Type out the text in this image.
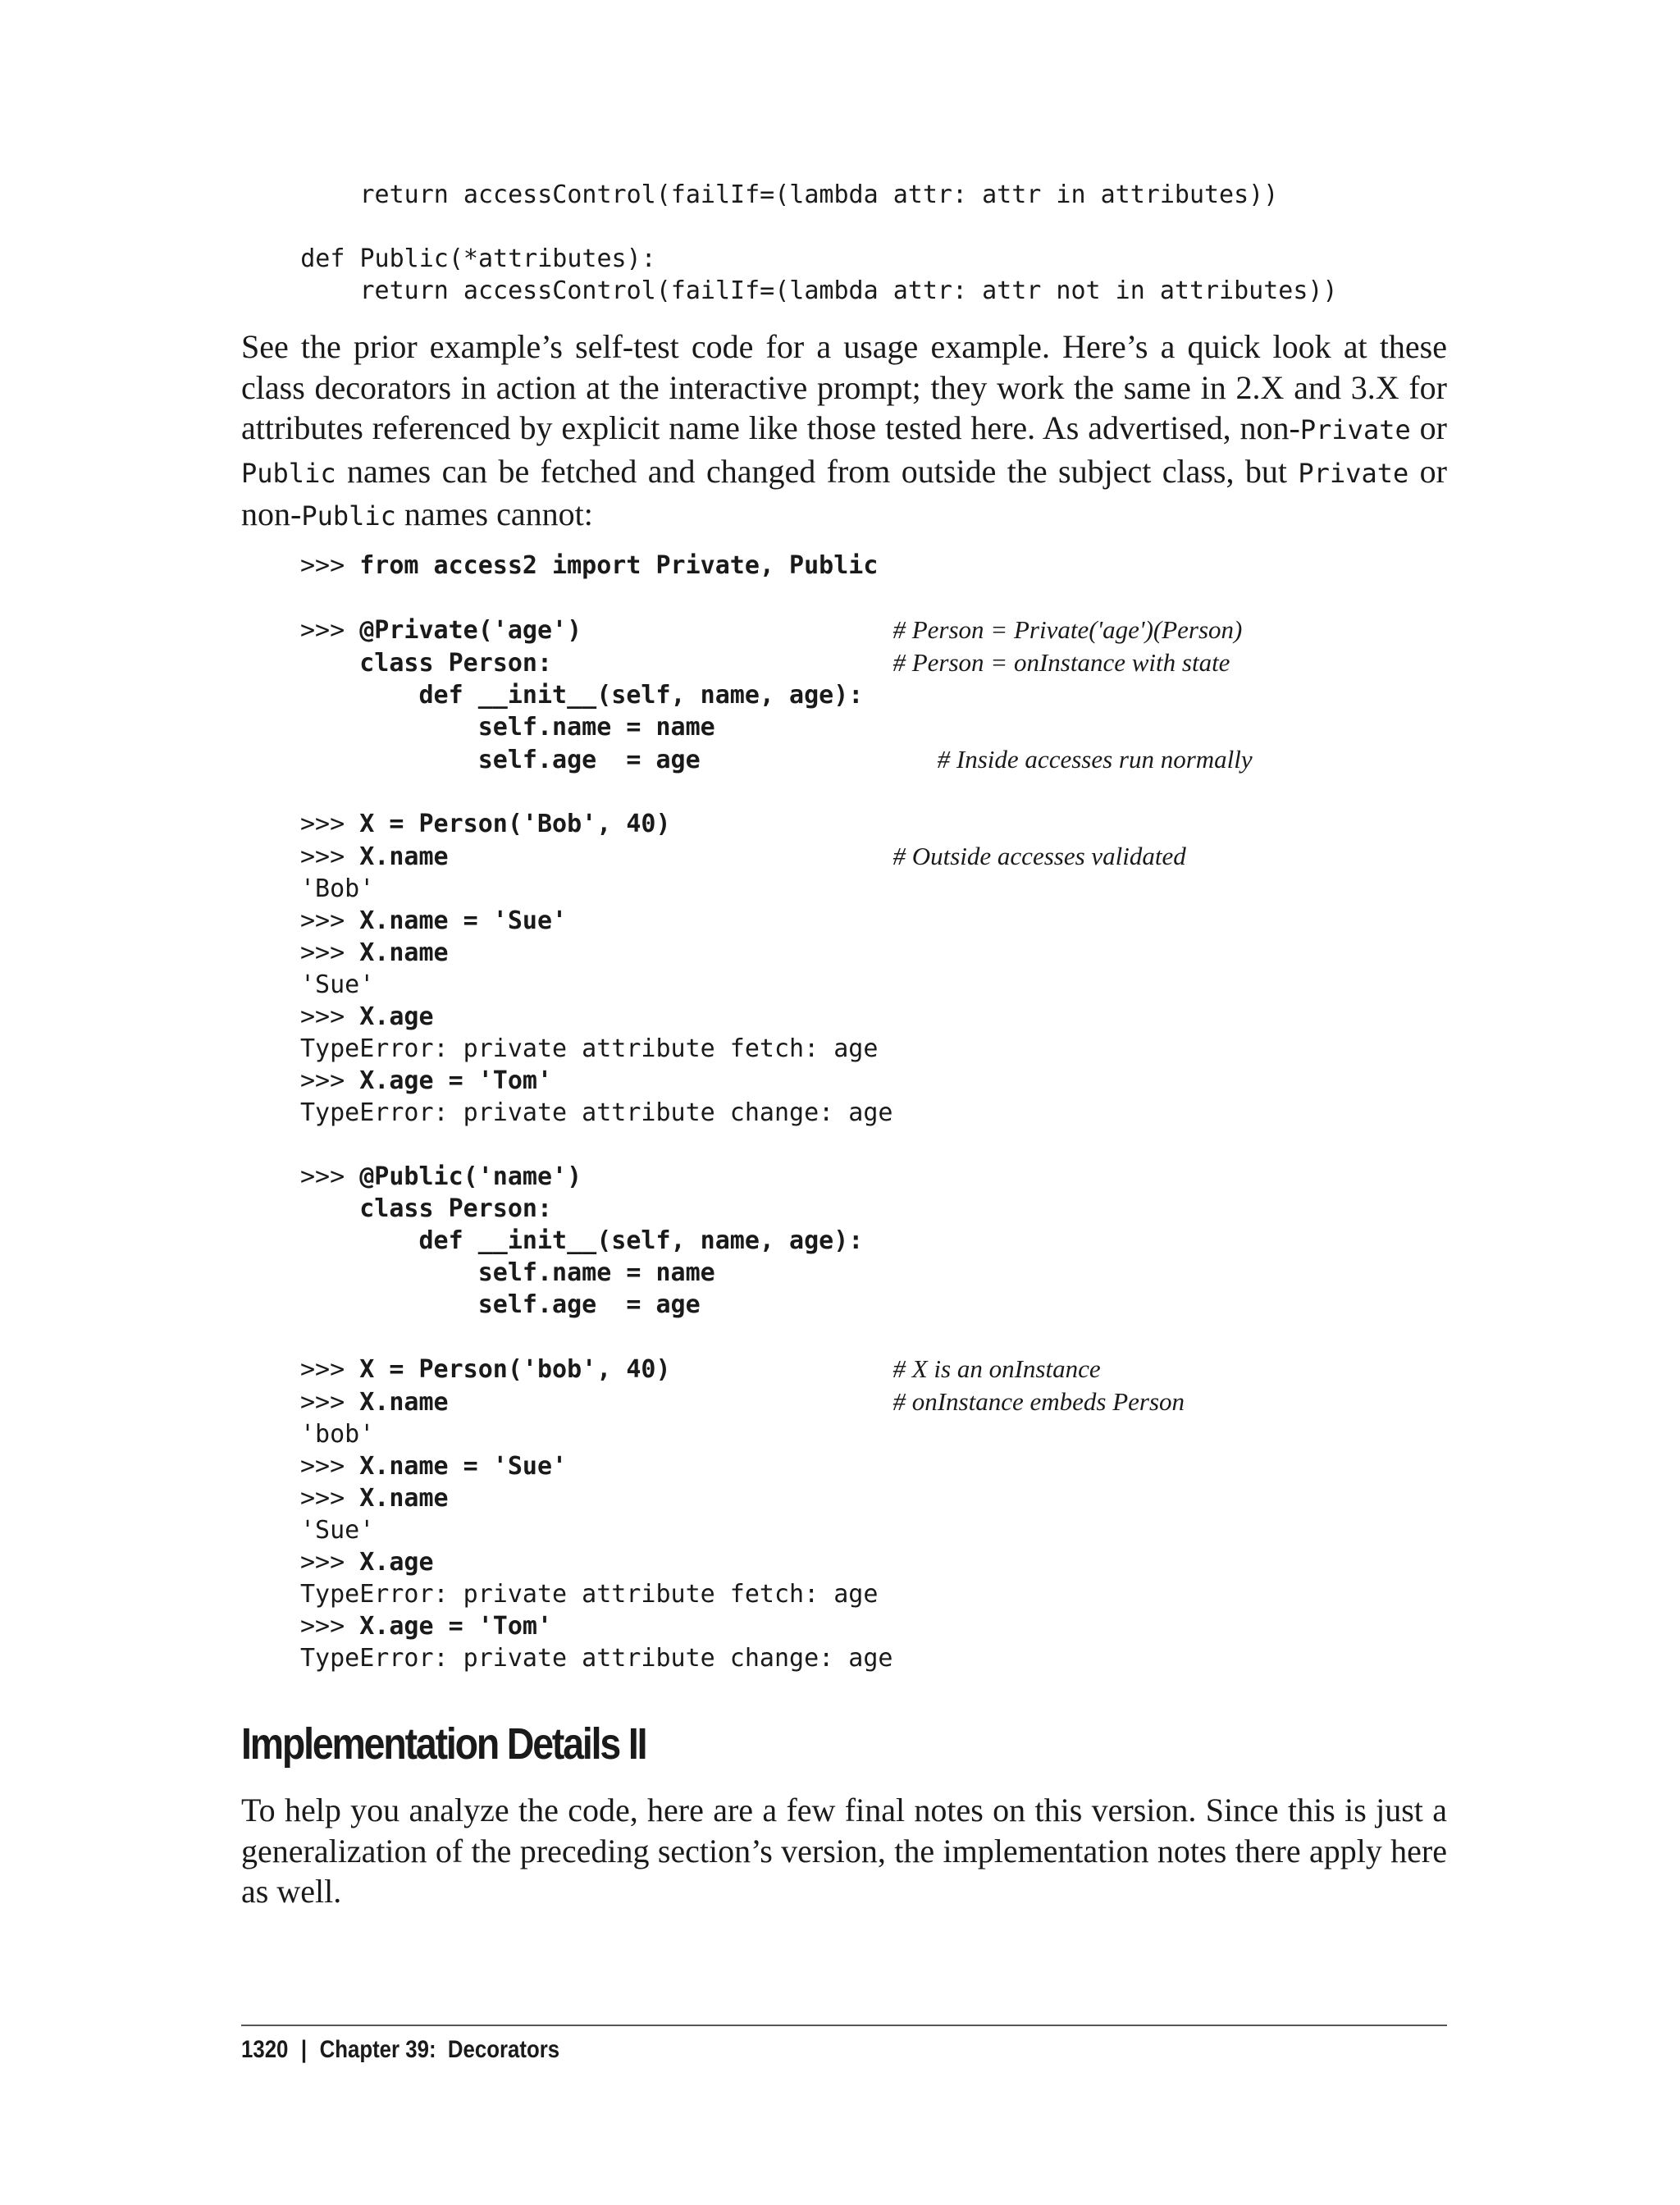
return accessControl(failIf=(lambda attr: attr in attributes))

def Public(*attributes):
return accessControl(failIf=(lambda attr: attr not in attributes))

See the prior example’s self-test code for a usage example. Here’s a quick look at these class decorators in action at the interactive prompt; they work the same in 2.X and 3.X for attributes referenced by explicit name like those tested here. As advertised, non-Private or Public names can be fetched and changed from outside the subject class, but Private or non-Public names cannot:

>>> from access2 import Private, Public

>>> @Private('age')	# Person = Private('age')(Person)
class Person:	# Person = onInstance with state
def __init__(self, name, age):
self.name = name
self.age  = age	# Inside accesses run normally

>>> X = Person('Bob', 40)
>>> X.name	# Outside accesses validated
'Bob'
>>> X.name = 'Sue'
>>> X.name
'Sue'
>>> X.age
TypeError: private attribute fetch: age
>>> X.age = 'Tom'
TypeError: private attribute change: age

>>> @Public('name')
class Person:
def __init__(self, name, age):
self.name = name
self.age  = age

>>> X = Person('bob', 40)	# X is an onInstance
>>> X.name	# onInstance embeds Person
'bob'
>>> X.name = 'Sue'
>>> X.name
'Sue'
>>> X.age
TypeError: private attribute fetch: age
>>> X.age = 'Tom'
TypeError: private attribute change: age
Implementation Details II

To help you analyze the code, here are a few final notes on this version. Since this is just a generalization of the preceding section’s version, the implementation notes there apply here as well.

1320 | Chapter 39:  Decorators
